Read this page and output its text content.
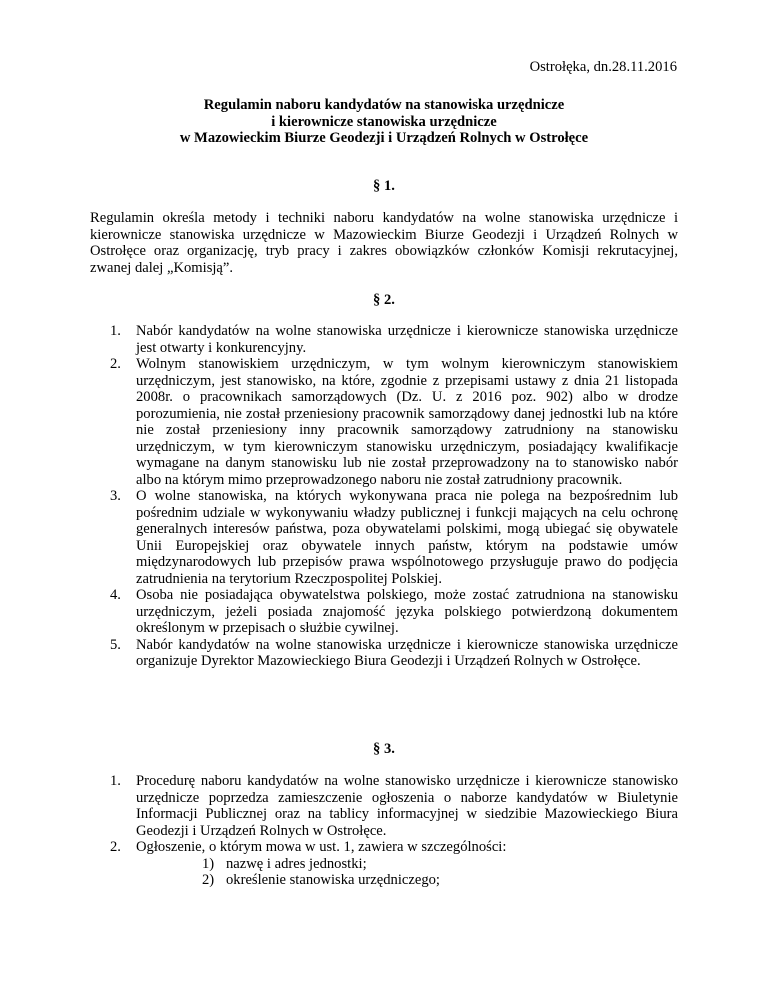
Ostrołęka, dn.28.11.2016
Regulamin naboru kandydatów na stanowiska urzędnicze
i kierownicze stanowiska urzędnicze
w Mazowieckim Biurze Geodezji i Urządzeń Rolnych w Ostrołęce
§ 1.
Regulamin określa metody i techniki naboru kandydatów na wolne stanowiska urzędnicze i kierownicze stanowiska urzędnicze w Mazowieckim Biurze Geodezji i Urządzeń Rolnych w Ostrołęce oraz organizację, tryb pracy i zakres obowiązków członków Komisji rekrutacyjnej, zwanej dalej „Komisją”.
§ 2.
1. Nabór kandydatów na wolne stanowiska urzędnicze i kierownicze stanowiska urzędnicze jest otwarty i konkurencyjny.
2. Wolnym stanowiskiem urzędniczym, w tym wolnym kierowniczym stanowiskiem urzędniczym, jest stanowisko, na które, zgodnie z przepisami ustawy z dnia 21 listopada 2008r. o pracownikach samorządowych (Dz. U. z 2016 poz. 902) albo w drodze porozumienia, nie został przeniesiony pracownik samorządowy danej jednostki lub na które nie został przeniesiony inny pracownik samorządowy zatrudniony na stanowisku urzędniczym, w tym kierowniczym stanowisku urzędniczym, posiadający kwalifikacje wymagane na danym stanowisku lub nie został przeprowadzony na to stanowisko nabór albo na którym mimo przeprowadzonego naboru nie został zatrudniony pracownik.
3. O wolne stanowiska, na których wykonywana praca nie polega na bezpośrednim lub pośrednim udziale w wykonywaniu władzy publicznej i funkcji mających na celu ochronę generalnych interesów państwa, poza obywatelami polskimi, mogą ubiegać się obywatele Unii Europejskiej oraz obywatele innych państw, którym na podstawie umów międzynarodowych lub przepisów prawa wspólnotowego przysługuje prawo do podjęcia zatrudnienia na terytorium Rzeczpospolitej Polskiej.
4. Osoba nie posiadająca obywatelstwa polskiego, może zostać zatrudniona na stanowisku urzędniczym, jeżeli posiada znajomość języka polskiego potwierdzoną dokumentem określonym w przepisach o służbie cywilnej.
5. Nabór kandydatów na wolne stanowiska urzędnicze i kierownicze stanowiska urzędnicze organizuje Dyrektor Mazowieckiego Biura Geodezji i Urządzeń Rolnych w Ostrołęce.
§ 3.
1. Procedurę naboru kandydatów na wolne stanowisko urzędnicze i kierownicze stanowisko urzędnicze poprzedza zamieszczenie ogłoszenia o naborze kandydatów w Biuletynie Informacji Publicznej oraz na tablicy informacyjnej w siedzibie Mazowieckiego Biura Geodezji i Urządzeń Rolnych w Ostrołęce.
2. Ogłoszenie, o którym mowa w ust. 1, zawiera w szczególności:
1) nazwę i adres jednostki;
2) określenie stanowiska urzędniczego;
